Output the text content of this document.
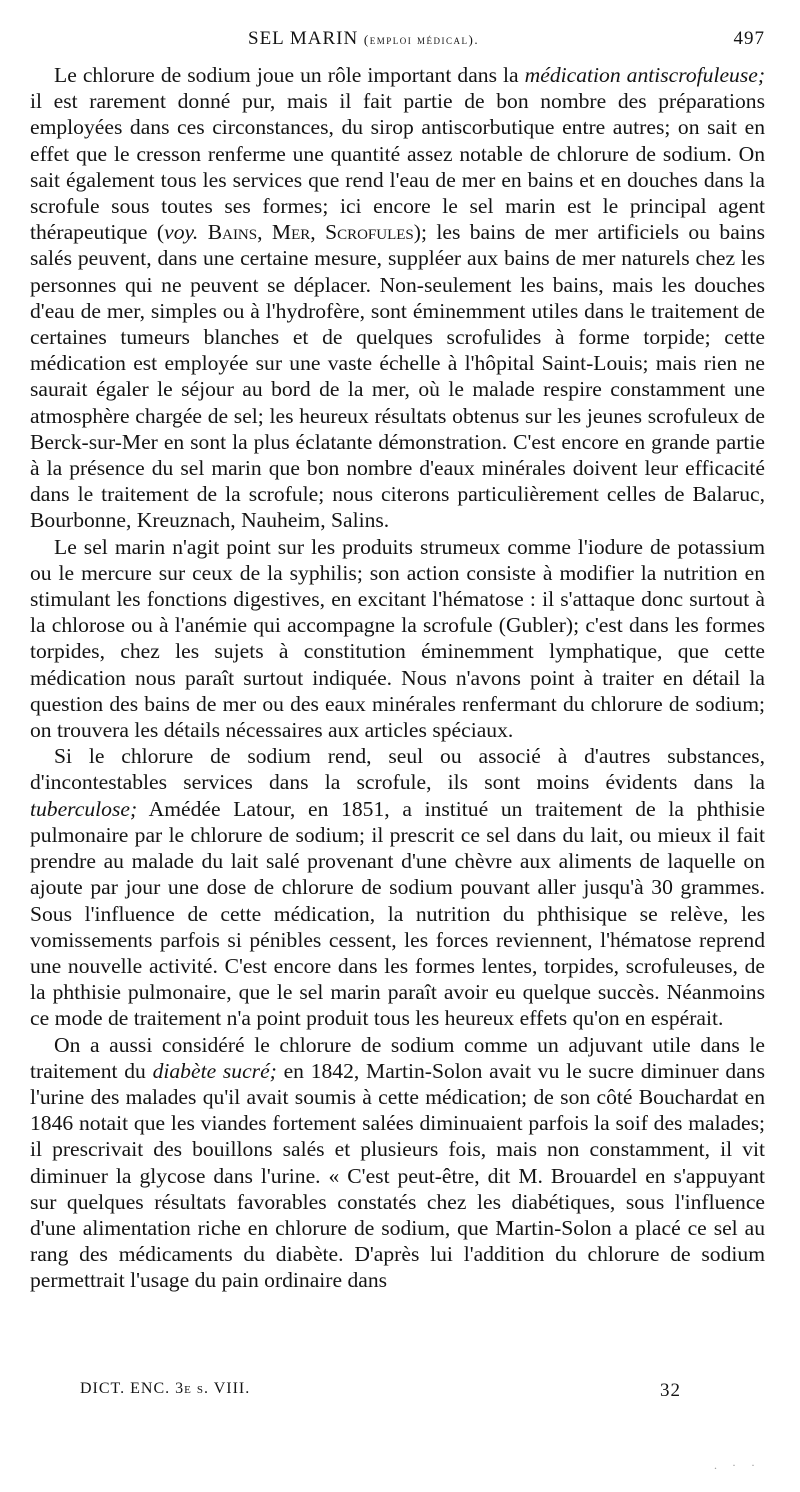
SEL MARIN (emploi médical).	497

Le chlorure de sodium joue un rôle important dans la médication antiscrofuleuse; il est rarement donné pur, mais il fait partie de bon nombre des préparations employées dans ces circonstances, du sirop antiscorbutique entre autres; on sait en effet que le cresson renferme une quantité assez notable de chlorure de sodium. On sait également tous les services que rend l'eau de mer en bains et en douches dans la scrofule sous toutes ses formes; ici encore le sel marin est le principal agent thérapeutique (voy. Bains, Mer, Scrofules); les bains de mer artificiels ou bains salés peuvent, dans une certaine mesure, suppléer aux bains de mer naturels chez les personnes qui ne peuvent se déplacer. Non-seulement les bains, mais les douches d'eau de mer, simples ou à l'hydrofère, sont éminemment utiles dans le traitement de certaines tumeurs blanches et de quelques scrofulides à forme torpide; cette médication est employée sur une vaste échelle à l'hôpital Saint-Louis; mais rien ne saurait égaler le séjour au bord de la mer, où le malade respire constamment une atmosphère chargée de sel; les heureux résultats obtenus sur les jeunes scrofuleux de Berck-sur-Mer en sont la plus éclatante démonstration. C'est encore en grande partie à la présence du sel marin que bon nombre d'eaux minérales doivent leur efficacité dans le traitement de la scrofule; nous citerons particulièrement celles de Balaruc, Bourbonne, Kreuznach, Nauheim, Salins.

Le sel marin n'agit point sur les produits strumeux comme l'iodure de potassium ou le mercure sur ceux de la syphilis; son action consiste à modifier la nutrition en stimulant les fonctions digestives, en excitant l'hématose : il s'attaque donc surtout à la chlorose ou à l'anémie qui accompagne la scrofule (Gubler); c'est dans les formes torpides, chez les sujets à constitution éminemment lymphatique, que cette médication nous paraît surtout indiquée. Nous n'avons point à traiter en détail la question des bains de mer ou des eaux minérales renfermant du chlorure de sodium; on trouvera les détails nécessaires aux articles spéciaux.

Si le chlorure de sodium rend, seul ou associé à d'autres substances, d'incontestables services dans la scrofule, ils sont moins évidents dans la tuberculose; Amédée Latour, en 1851, a institué un traitement de la phthisie pulmonaire par le chlorure de sodium; il prescrit ce sel dans du lait, ou mieux il fait prendre au malade du lait salé provenant d'une chèvre aux aliments de laquelle on ajoute par jour une dose de chlorure de sodium pouvant aller jusqu'à 30 grammes. Sous l'influence de cette médication, la nutrition du phthisique se relève, les vomissements parfois si pénibles cessent, les forces reviennent, l'hématose reprend une nouvelle activité. C'est encore dans les formes lentes, torpides, scrofuleuses, de la phthisie pulmonaire, que le sel marin paraît avoir eu quelque succès. Néanmoins ce mode de traitement n'a point produit tous les heureux effets qu'on en espérait.

On a aussi considéré le chlorure de sodium comme un adjuvant utile dans le traitement du diabète sucré; en 1842, Martin-Solon avait vu le sucre diminuer dans l'urine des malades qu'il avait soumis à cette médication; de son côté Bouchardat en 1846 notait que les viandes fortement salées diminuaient parfois la soif des malades; il prescrivait des bouillons salés et plusieurs fois, mais non constamment, il vit diminuer la glycose dans l'urine. « C'est peut-être, dit M. Brouardel en s'appuyant sur quelques résultats favorables constatés chez les diabétiques, sous l'influence d'une alimentation riche en chlorure de sodium, que Martin-Solon a placé ce sel au rang des médicaments du diabète. D'après lui l'addition du chlorure de sodium permettrait l'usage du pain ordinaire dans

DICT. ENC. 3e s. VIII.	32
. · ·
